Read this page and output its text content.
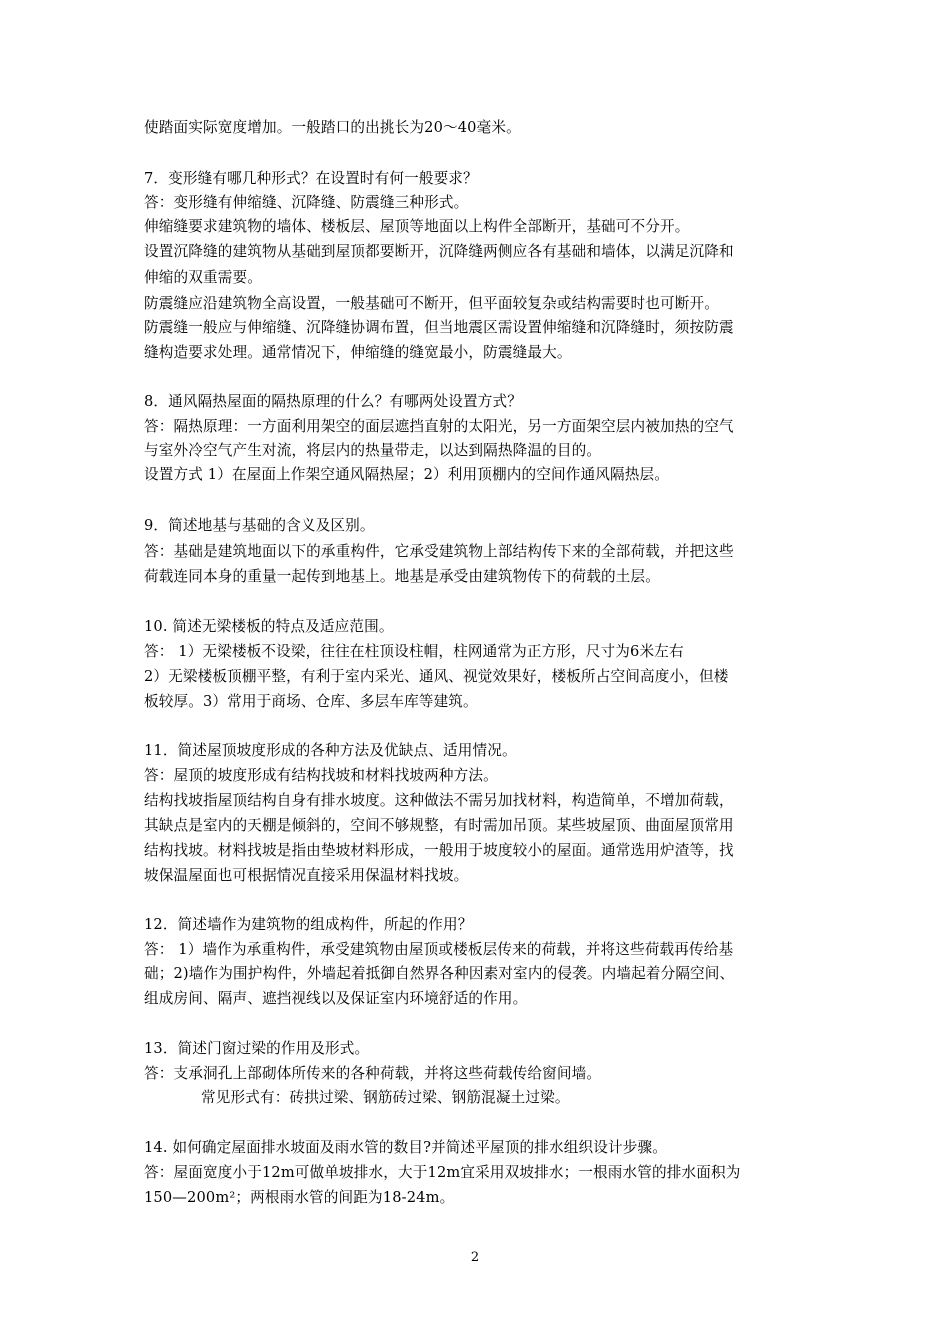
使踏面实际宽度增加。一般踏口的出挑长为20～40毫米。
7．变形缝有哪几种形式？在设置时有何一般要求？
答：变形缝有伸缩缝、沉降缝、防震缝三种形式。
伸缩缝要求建筑物的墙体、楼板层、屋顶等地面以上构件全部断开，基础可不分开。
设置沉降缝的建筑物从基础到屋顶都要断开，沉降缝两侧应各有基础和墙体，以满足沉降和
伸缩的双重需要。
防震缝应沿建筑物全高设置，一般基础可不断开，但平面较复杂或结构需要时也可断开。
防震缝一般应与伸缩缝、沉降缝协调布置，但当地震区需设置伸缩缝和沉降缝时，须按防震
缝构造要求处理。通常情况下，伸缩缝的缝宽最小，防震缝最大。
8．通风隔热屋面的隔热原理的什么？有哪两处设置方式？
答：隔热原理：一方面利用架空的面层遮挡直射的太阳光，另一方面架空层内被加热的空气
与室外冷空气产生对流，将层内的热量带走，以达到隔热降温的目的。
设置方式 1）在屋面上作架空通风隔热屋；2）利用顶棚内的空间作通风隔热层。
9．简述地基与基础的含义及区别。
答：基础是建筑地面以下的承重构件，它承受建筑物上部结构传下来的全部荷载，并把这些
荷载连同本身的重量一起传到地基上。地基是承受由建筑物传下的荷载的土层。
10. 简述无梁楼板的特点及适应范围。
答： 1）无梁楼板不设梁，往往在柱顶设柱帽，柱网通常为正方形，尺寸为6米左右
2）无梁楼板顶棚平整，有利于室内采光、通风、视觉效果好，楼板所占空间高度小，但楼
板较厚。3）常用于商场、仓库、多层车库等建筑。
11．简述屋顶坡度形成的各种方法及优缺点、适用情况。
答：屋顶的坡度形成有结构找坡和材料找坡两种方法。
结构找坡指屋顶结构自身有排水坡度。这种做法不需另加找材料，构造简单，不增加荷载，
其缺点是室内的天棚是倾斜的，空间不够规整，有时需加吊顶。某些坡屋顶、曲面屋顶常用
结构找坡。材料找坡是指由垫坡材料形成，一般用于坡度较小的屋面。通常选用炉渣等，找
坡保温屋面也可根据情况直接采用保温材料找坡。
12．简述墙作为建筑物的组成构件，所起的作用？
答： 1）墙作为承重构件，承受建筑物由屋顶或楼板层传来的荷载，并将这些荷载再传给基
础；2)墙作为围护构件，外墙起着抵御自然界各种因素对室内的侵袭。内墙起着分隔空间、
组成房间、隔声、遮挡视线以及保证室内环境舒适的作用。
13．简述门窗过梁的作用及形式。
答：支承洞孔上部砌体所传来的各种荷载，并将这些荷载传给窗间墙。
常见形式有：砖拱过梁、钢筋砖过梁、钢筋混凝土过梁。
14. 如何确定屋面排水坡面及雨水管的数目?并简述平屋顶的排水组织设计步骤。
答：屋面宽度小于12m可做单坡排水，大于12m宜采用双坡排水；一根雨水管的排水面积为
150—200m²；两根雨水管的间距为18-24m。
2
